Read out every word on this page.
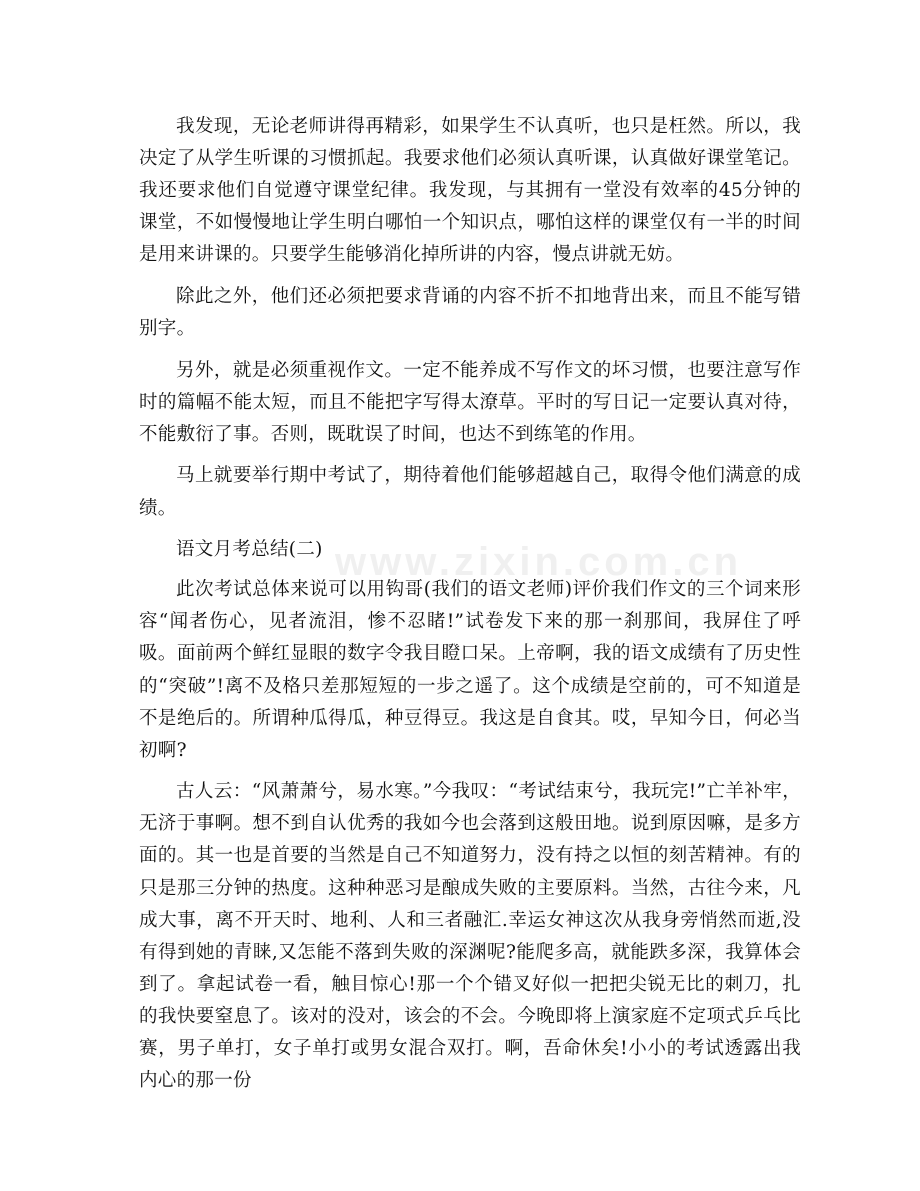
我发现，无论老师讲得再精彩，如果学生不认真听，也只是枉然。所以，我决定了从学生听课的习惯抓起。我要求他们必须认真听课，认真做好课堂笔记。我还要求他们自觉遵守课堂纪律。我发现，与其拥有一堂没有效率的45分钟的课堂，不如慢慢地让学生明白哪怕一个知识点，哪怕这样的课堂仅有一半的时间是用来讲课的。只要学生能够消化掉所讲的内容，慢点讲就无妨。

除此之外，他们还必须把要求背诵的内容不折不扣地背出来，而且不能写错别字。

另外，就是必须重视作文。一定不能养成不写作文的坏习惯，也要注意写作时的篇幅不能太短，而且不能把字写得太潦草。平时的写日记一定要认真对待，不能敷衍了事。否则，既耽误了时间，也达不到练笔的作用。

马上就要举行期中考试了，期待着他们能够超越自己，取得令他们满意的成绩。

语文月考总结(二)

此次考试总体来说可以用钩哥(我们的语文老师)评价我们作文的三个词来形容“闻者伤心，见者流泪，惨不忍睹!”试卷发下来的那一刹那间，我屏住了呼吸。面前两个鲜红显眼的数字令我目瞪口呆。上帝啊，我的语文成绩有了历史性的“突破”!离不及格只差那短短的一步之遥了。这个成绩是空前的，可不知道是不是绝后的。所谓种瓜得瓜，种豆得豆。我这是自食其。哎，早知今日，何必当初啊?

古人云：“风萧萧兮，易水寒。”今我叹：“考试结束兮，我玩完!”亡羊补牢，无济于事啊。想不到自认优秀的我如今也会落到这般田地。说到原因嘛，是多方面的。其一也是首要的当然是自己不知道努力，没有持之以恒的刻苦精神。有的只是那三分钟的热度。这种种恶习是酿成失败的主要原料。当然，古往今来，凡成大事，离不开天时、地利、人和三者融汇.幸运女神这次从我身旁悄然而逝,没有得到她的青睐,又怎能不落到失败的深渊呢?能爬多高，就能跌多深，我算体会到了。拿起试卷一看，触目惊心!那一个个错叉好似一把把尖锐无比的刺刀，扎的我快要窒息了。该对的没对，该会的不会。今晚即将上演家庭不定项式乒乓比赛，男子单打，女子单打或男女混合双打。啊，吾命休矣!小小的考试透露出我内心的那一份

www.zixin.com.cn
